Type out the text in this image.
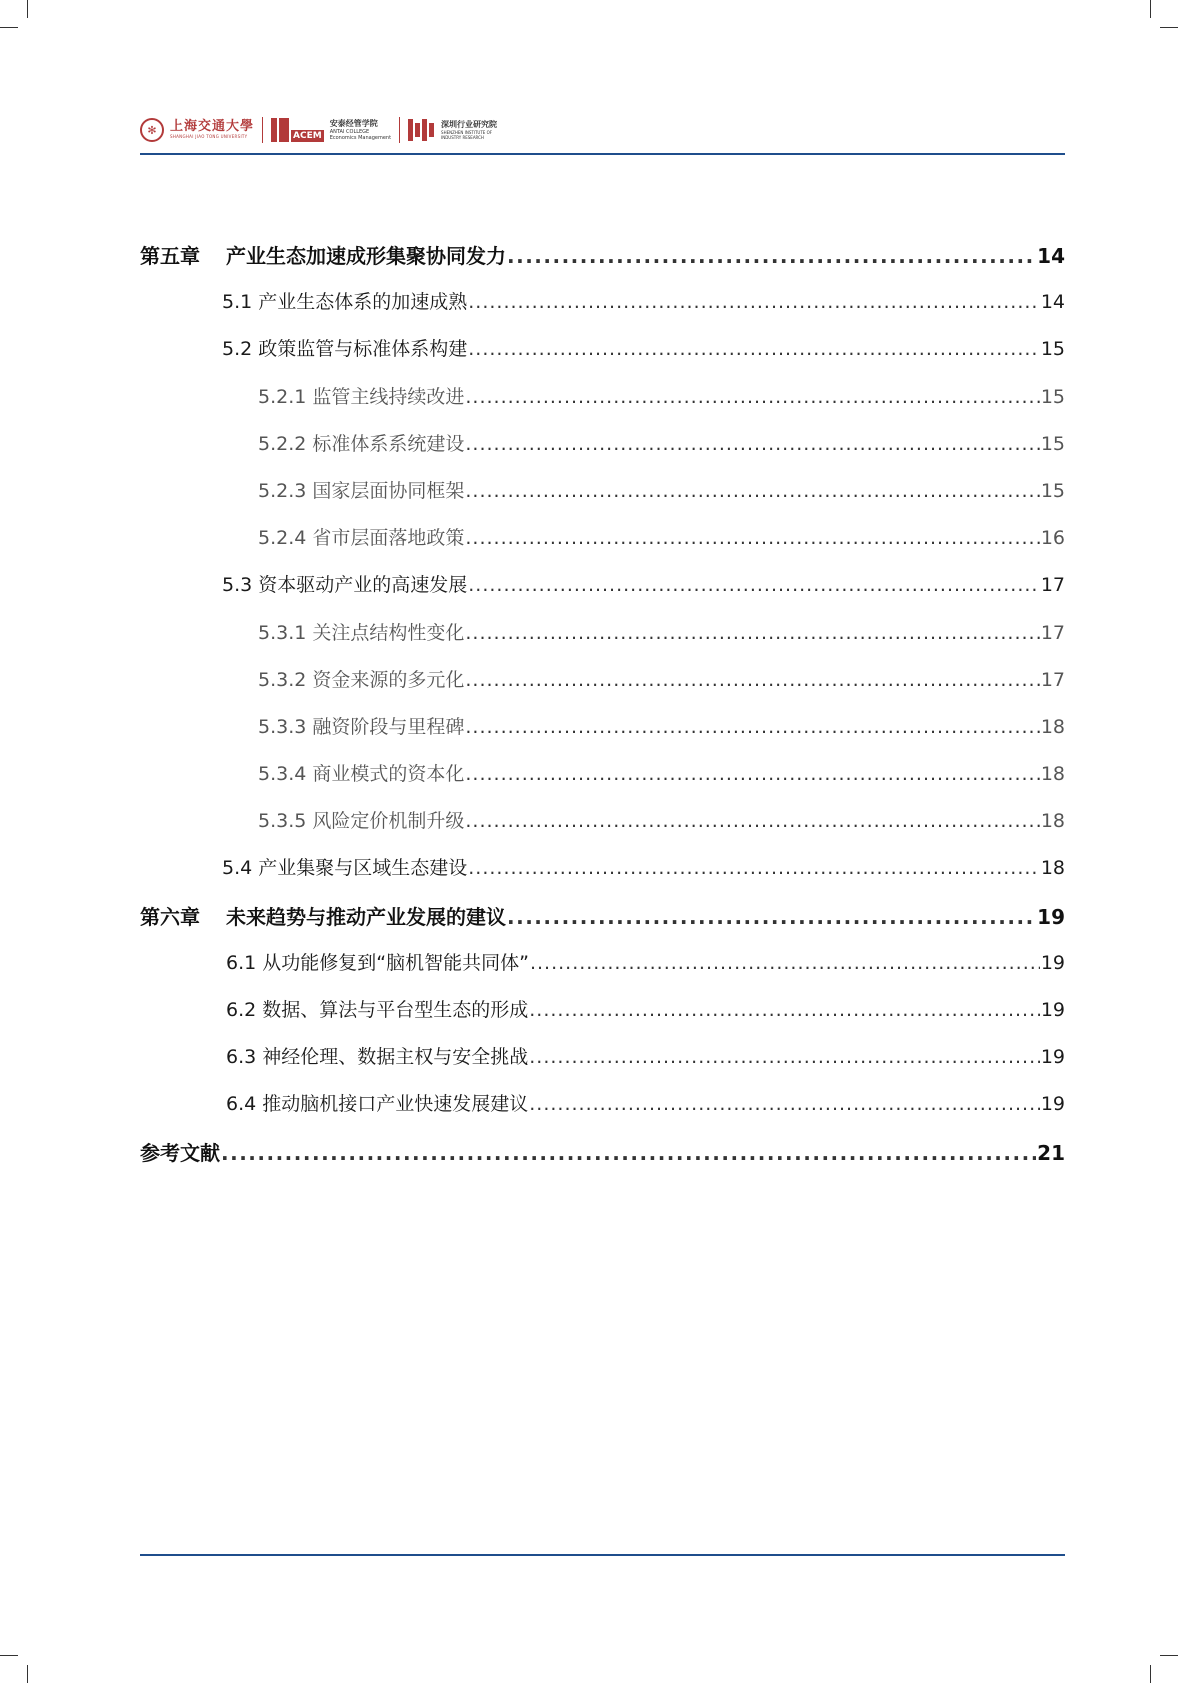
✻	上海交通大學
SHANGHAI JIAO TONG UNIVERSITY	ACEM
安泰经管学院
ANTAI COLLEGE
Economics Management
深圳行业研究院
SHENZHEN INSTITUTE OF
INDUSTRY RESEARCH
第五章 产业生态加速成形集聚协同发力 .....	14
5.1 产业生态体系的加速成熟 .....	14
5.2 政策监管与标准体系构建 .....	15
5.2.1 监管主线持续改进 .....	15
5.2.2 标准体系系统建设 .....	15
5.2.3 国家层面协同框架 .....	15
5.2.4 省市层面落地政策 .....	16
5.3 资本驱动产业的高速发展 .....	17
5.3.1 关注点结构性变化 .....	17
5.3.2 资金来源的多元化 .....	17
5.3.3 融资阶段与里程碑 .....	18
5.3.4 商业模式的资本化 .....	18
5.3.5 风险定价机制升级 .....	18
5.4 产业集聚与区域生态建设 .....	18
第六章 未来趋势与推动产业发展的建议 .....	19
6.1 从功能修复到“脑机智能共同体” .....	19
6.2 数据、算法与平台型生态的形成 .....	19
6.3 神经伦理、数据主权与安全挑战 .....	19
6.4 推动脑机接口产业快速发展建议 .....	19
参考文献 .....	21
